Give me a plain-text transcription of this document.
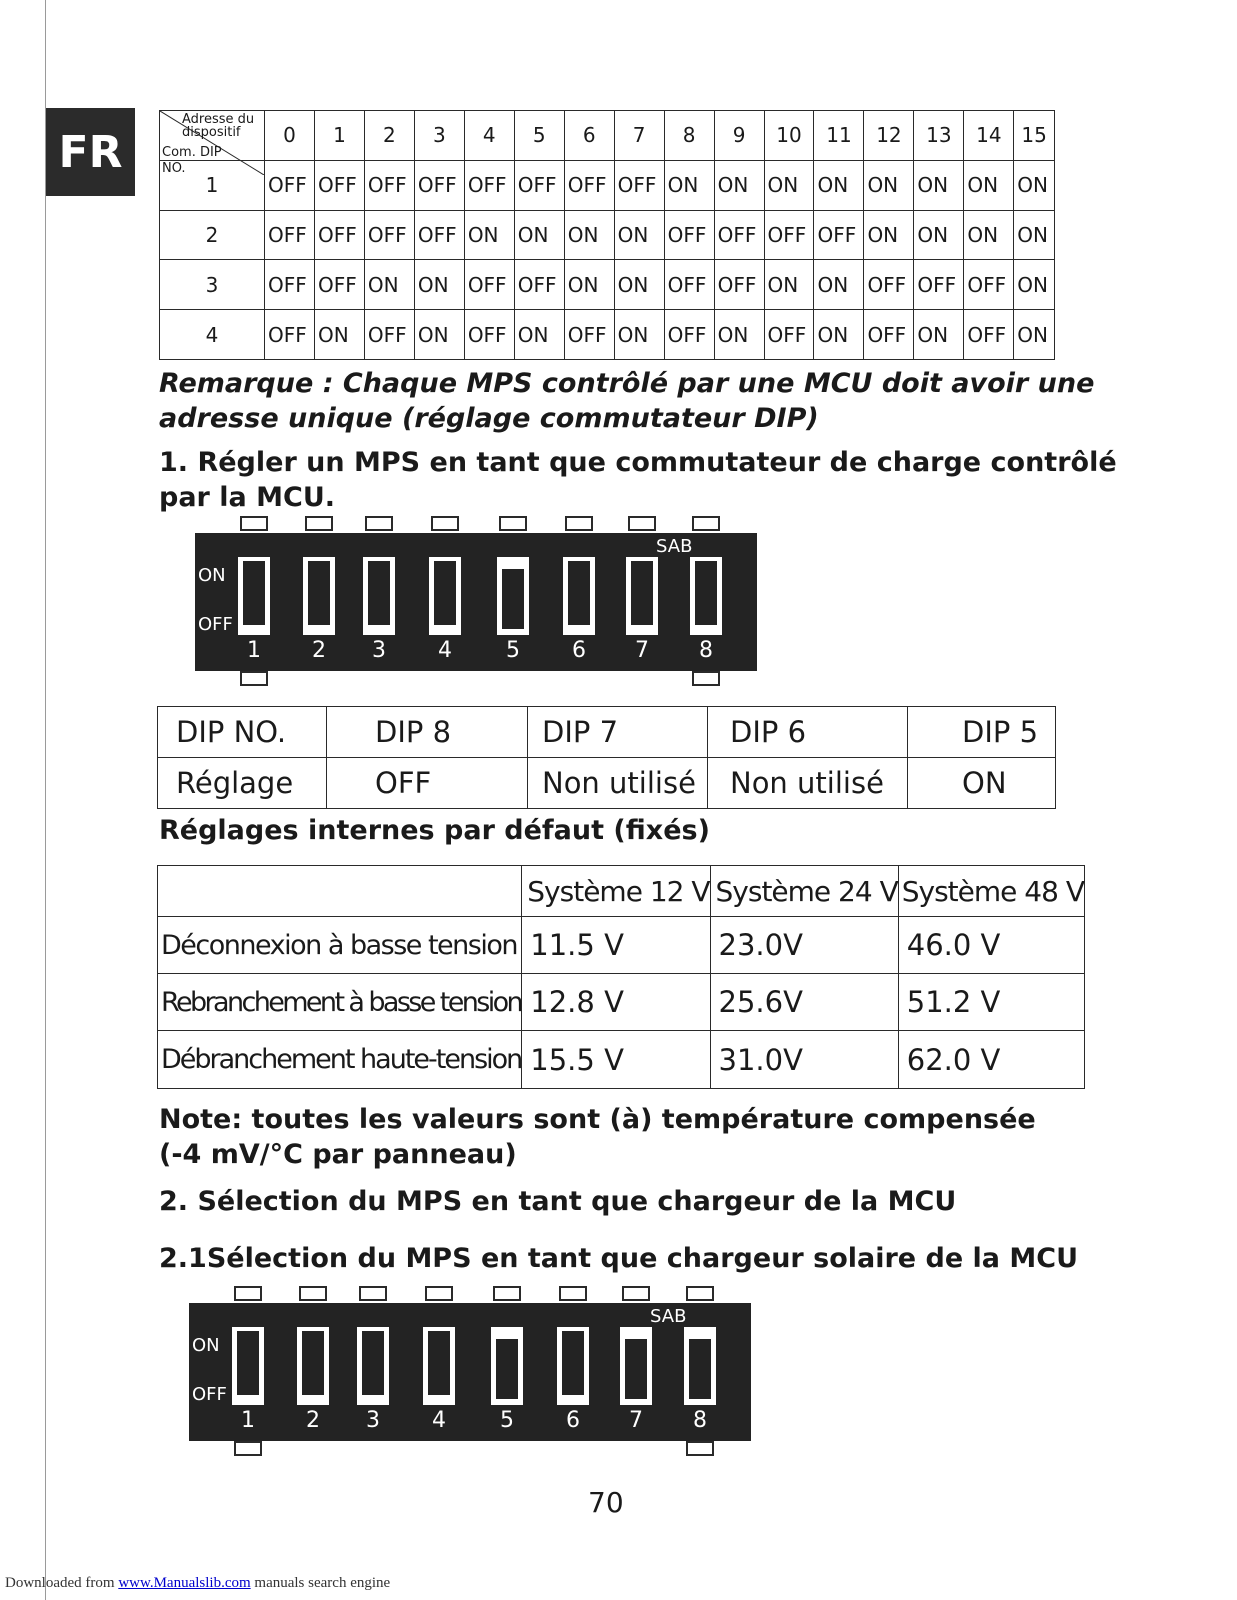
FR
Adresse du
dispositif
Com. DIP
NO.	0	1	2	3	4	5	6	7	8	9	10	11	12	13	14	15
1	OFF	OFF	OFF	OFF	OFF	OFF	OFF	OFF	ON	ON	ON	ON	ON	ON	ON	ON
2	OFF	OFF	OFF	OFF	ON	ON	ON	ON	OFF	OFF	OFF	OFF	ON	ON	ON	ON
3	OFF	OFF	ON	ON	OFF	OFF	ON	ON	OFF	OFF	ON	ON	OFF	OFF	OFF	ON
4	OFF	ON	OFF	ON	OFF	ON	OFF	ON	OFF	ON	OFF	ON	OFF	ON	OFF	ON

Remarque : Chaque MPS contrôlé par une MCU doit avoir une

adresse unique (réglage commutateur DIP)

1. Régler un MPS en tant que commutateur de charge contrôlé

par la MCU.

ON
OFF
SAB
1	2	3	4	5	6	7	8

Réglages internes par défaut (fixés)

DIP NO.	DIP 8	DIP 7	DIP 6	DIP 5
Réglage	OFF	Non utilisé	Non utilisé	ON
	Système 12 V	Système 24 V	Système 48 V
Déconnexion à basse tension	11.5 V	23.0V	46.0 V
Rebranchement à basse tension	12.8 V	25.6V	51.2 V
Débranchement haute-tension	15.5 V	31.0V	62.0 V

Note: toutes les valeurs sont (à) température compensée

(-4 mV/°C par panneau)

2. Sélection du MPS en tant que chargeur de la MCU

2.1Sélection du MPS en tant que chargeur solaire de la MCU

ON
OFF
SAB
1	2	3	4	5	6	7	8
70
Downloaded from www.Manualslib.com manuals search engine
